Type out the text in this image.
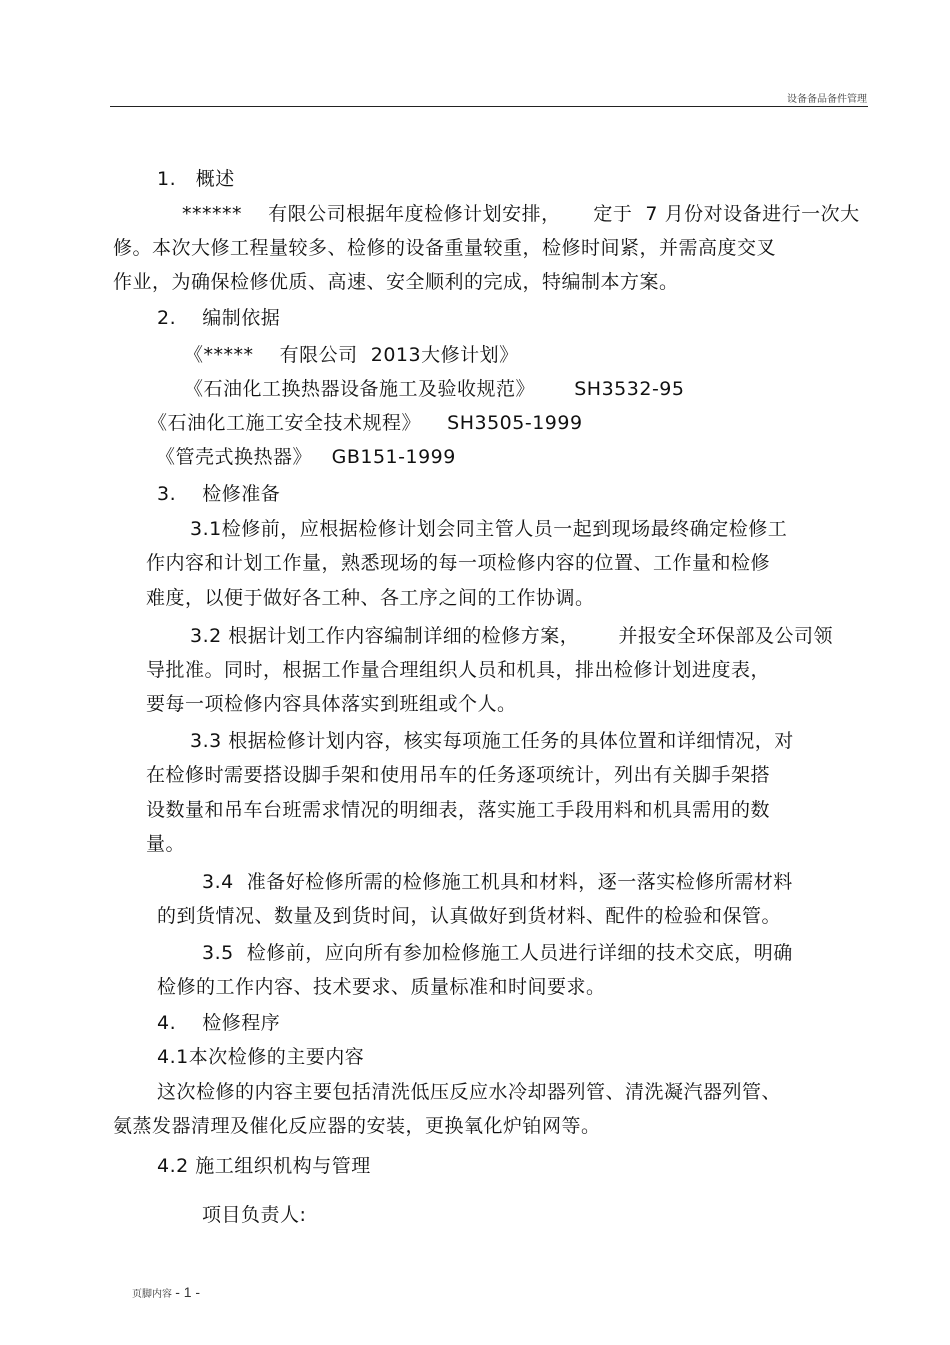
设备备品备件管理
1.   概述
******    有限公司根据年度检修计划安排，     定于  7 月份对设备进行一次大
修。本次大修工程量较多、检修的设备重量较重，检修时间紧，并需高度交叉
作业，为确保检修优质、高速、安全顺利的完成，特编制本方案。
2.    编制依据
《*****    有限公司  2013大修计划》
《石油化工换热器设备施工及验收规范》      SH3532-95
《石油化工施工安全技术规程》    SH3505-1999
《管壳式换热器》   GB151-1999
3.    检修准备
3.1检修前，应根据检修计划会同主管人员一起到现场最终确定检修工
作内容和计划工作量，熟悉现场的每一项检修内容的位置、工作量和检修
难度，以便于做好各工种、各工序之间的工作协调。
3.2 根据计划工作内容编制详细的检修方案，      并报安全环保部及公司领
导批准。同时，根据工作量合理组织人员和机具，排出检修计划进度表，
要每一项检修内容具体落实到班组或个人。
3.3 根据检修计划内容，核实每项施工任务的具体位置和详细情况，对
在检修时需要搭设脚手架和使用吊车的任务逐项统计，列出有关脚手架搭
设数量和吊车台班需求情况的明细表，落实施工手段用料和机具需用的数
量。
3.4  准备好检修所需的检修施工机具和材料，逐一落实检修所需材料
的到货情况、数量及到货时间，认真做好到货材料、配件的检验和保管。
3.5  检修前，应向所有参加检修施工人员进行详细的技术交底，明确
检修的工作内容、技术要求、质量标准和时间要求。
4.    检修程序
4.1本次检修的主要内容
这次检修的内容主要包括清洗低压反应水冷却器列管、清洗凝汽器列管、
氨蒸发器清理及催化反应器的安装，更换氧化炉铂网等。
4.2 施工组织机构与管理
项目负责人:
页脚内容 - 1 -
